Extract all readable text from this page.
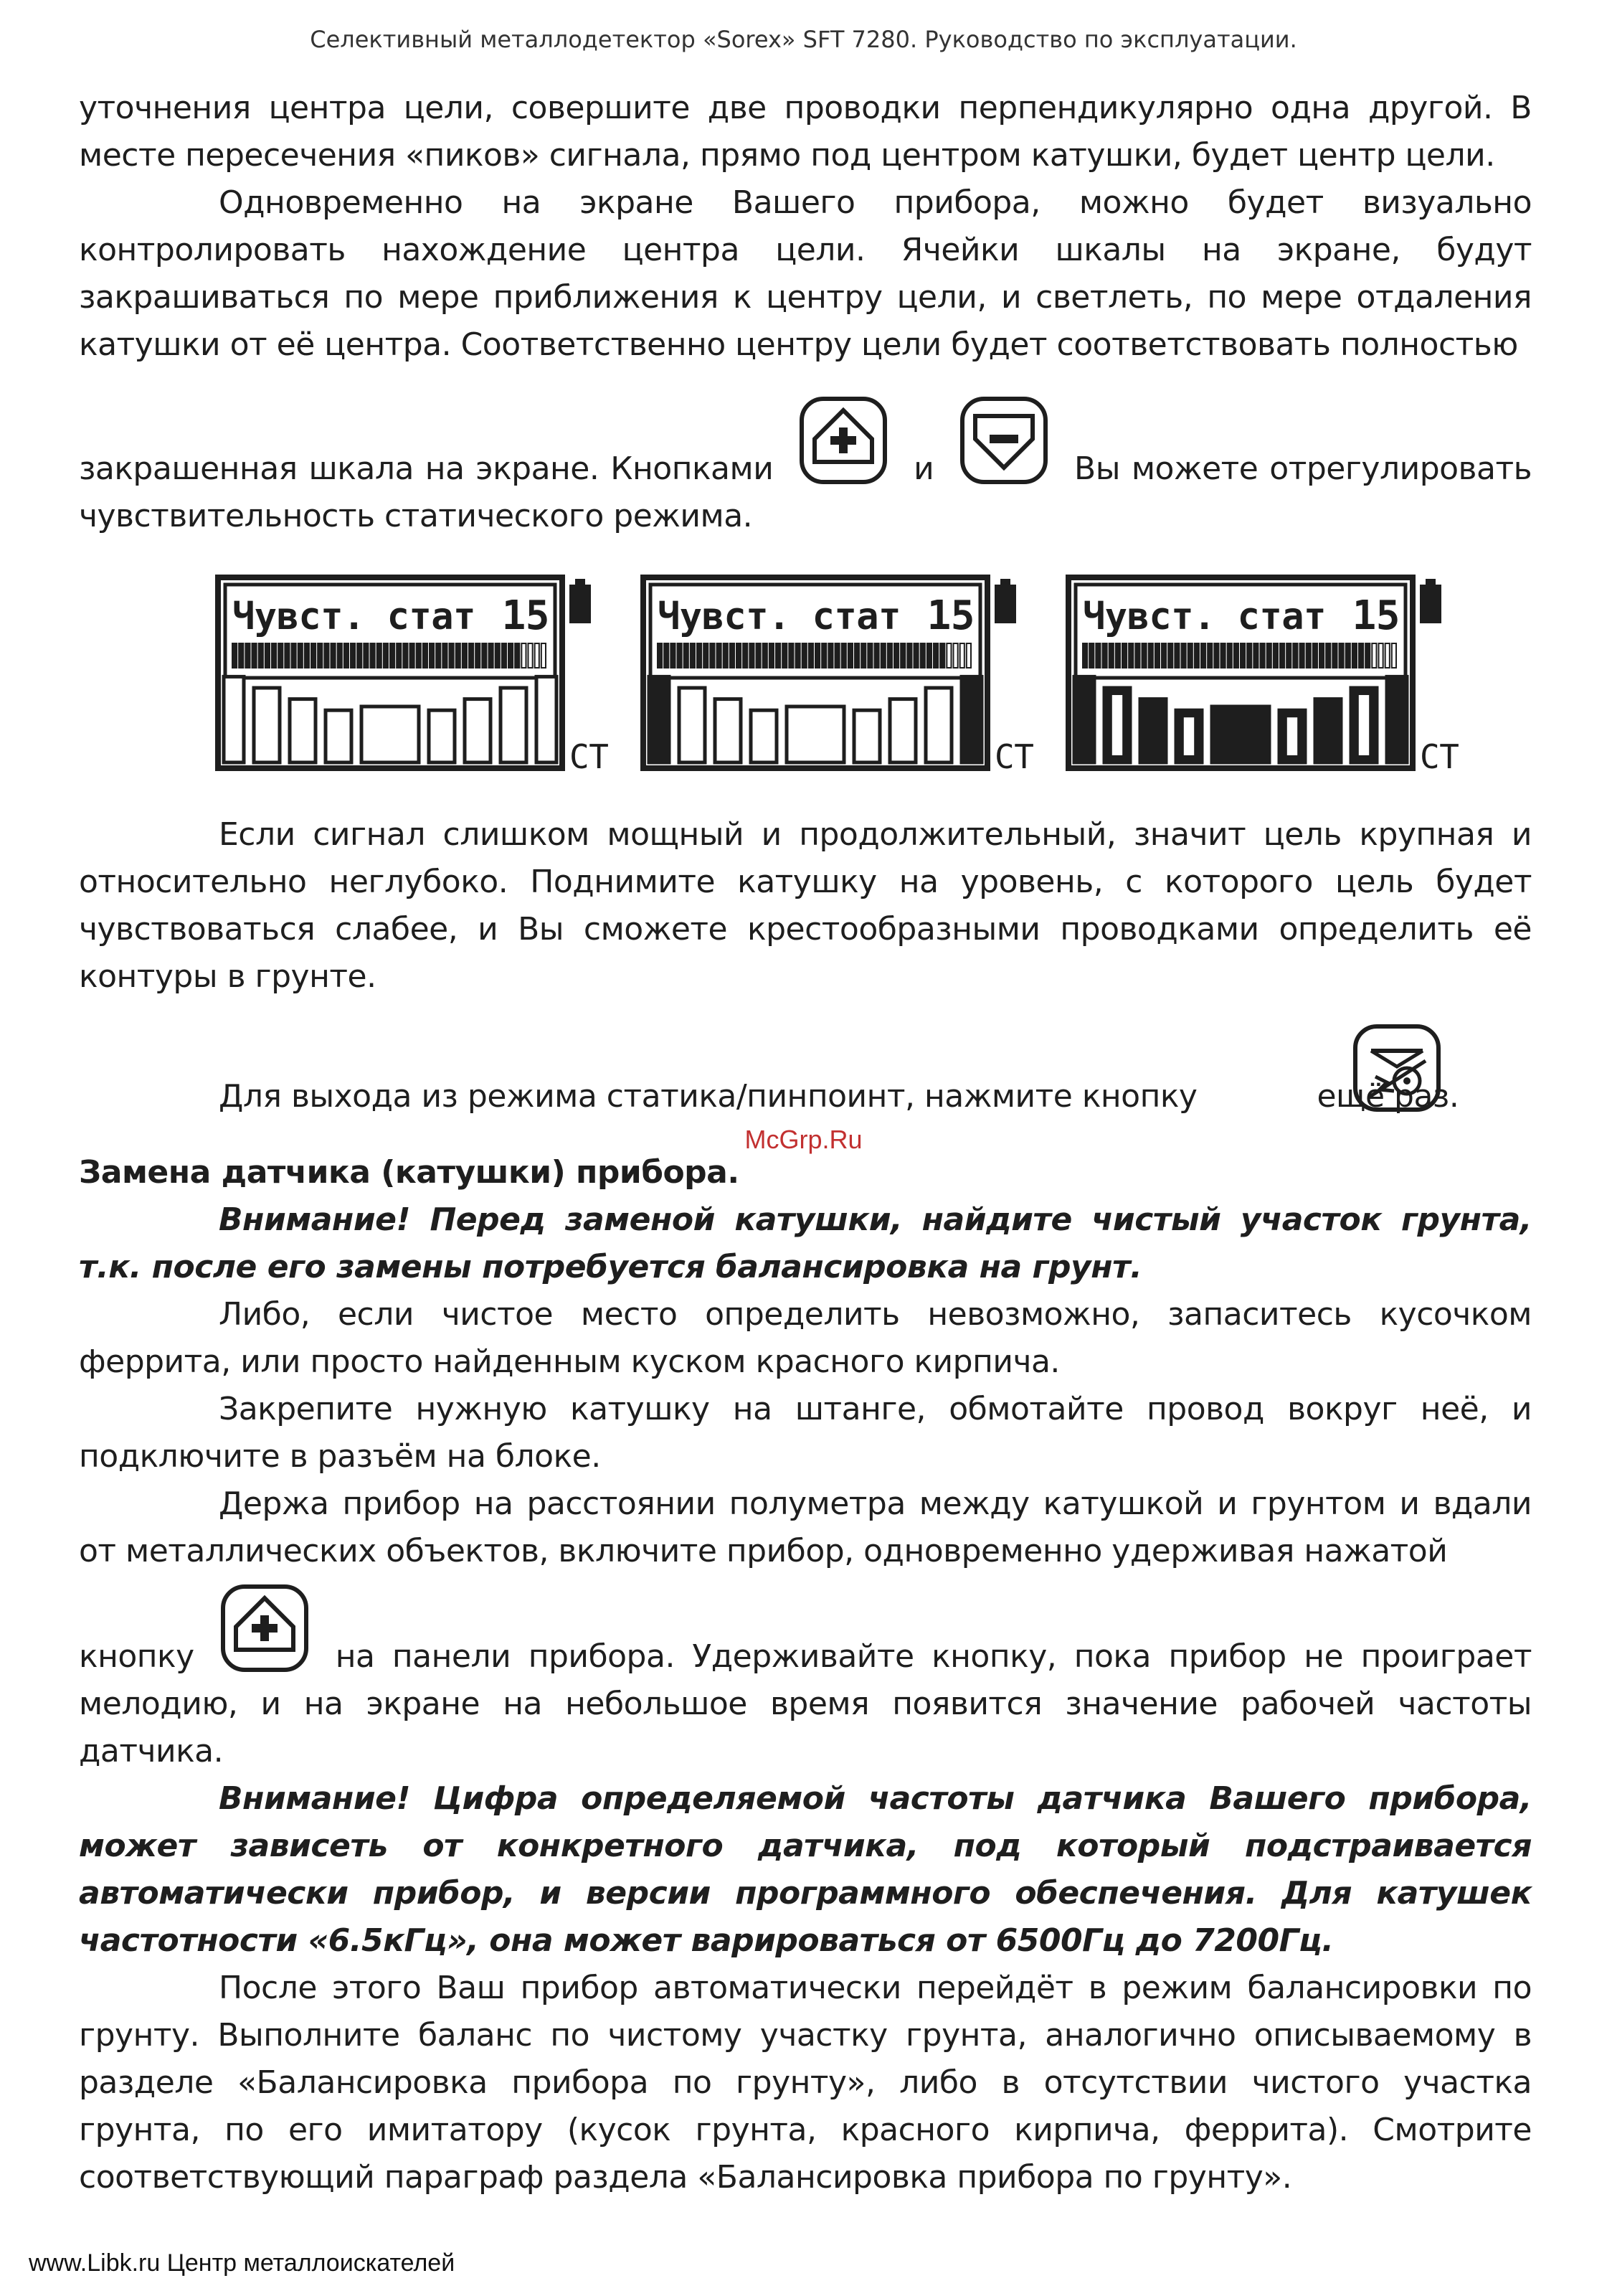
Селективный металлодетектор «Sorex» SFT 7280. Руководство по эксплуатации.
McGrp.Ru

уточнения центра цели, совершите две проводки перпендикулярно одна другой. В месте пересечения «пиков» сигнала, прямо под центром катушки, будет центр цели.

Одновременно на экране Вашего прибора, можно будет визуально контролировать нахождение центра цели. Ячейки шкалы на экране, будут закрашиваться по мере приближения к центру цели, и светлеть, по мере отдаления катушки от её центра. Соответственно центру цели будет соответствовать полностью

закрашенная шкала на экране. Кнопками	и	Вы можете отрегулировать чувствительность статического режима.

Чувст. стат 15
СТ
Чувст. стат 15
СТ
Чувст. стат 15
СТ

Если сигнал слишком мощный и продолжительный, значит цель крупная и относительно неглубоко. Поднимите катушку на уровень, с которого цель будет чувствоваться слабее, и Вы сможете крестообразными проводками определить её контуры в грунте.

Для выхода из режима статика/пинпоинт, нажмите кнопку	ещё раз.

Замена датчика (катушки) прибора.

Внимание! Перед заменой катушки, найдите чистый участок грунта, т.к. после его замены потребуется балансировка на грунт.

Либо, если чистое место определить невозможно, запаситесь кусочком феррита, или просто найденным куском красного кирпича.

Закрепите нужную катушку на штанге, обмотайте провод вокруг неё, и подключите в разъём на блоке.

Держа прибор на расстоянии полуметра между катушкой и грунтом и вдали от металлических объектов, включите прибор, одновременно удерживая нажатой

кнопку	на панели прибора. Удерживайте кнопку, пока прибор не проиграет мелодию, и на экране на небольшое время появится значение рабочей частоты датчика.

Внимание! Цифра определяемой частоты датчика Вашего прибора, может зависеть от конкретного датчика, под который подстраивается автоматически прибор, и версии программного обеспечения. Для катушек частотности «6.5кГц», она может варироваться от 6500Гц до 7200Гц.

После этого Ваш прибор автоматически перейдёт в режим балансировки по грунту. Выполните баланс по чистому участку грунта, аналогично описываемому в разделе «Балансировка прибора по грунту», либо в отсутствии чистого участка грунта, по его имитатору (кусок грунта, красного кирпича, феррита). Смотрите соответствующий параграф раздела «Балансировка прибора по грунту».

www.Libk.ru Центр металлоискателей
